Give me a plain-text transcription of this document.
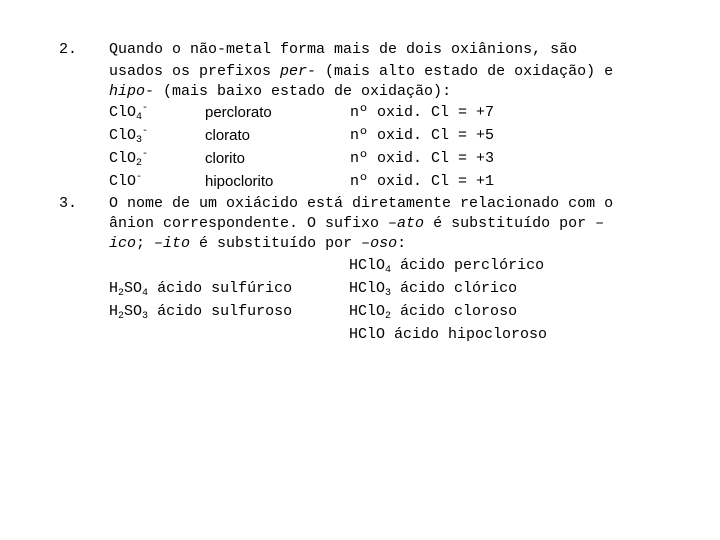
2. Quando o não-metal forma mais de dois oxiânions, são
usados os prefixos per- (mais alto estado de oxidação) e
hipo- (mais baixo estado de oxidação):
ClO$_4$-	perclorato	nº oxid. Cl = +7
ClO$_3$-	clorato	nº oxid. Cl = +5
ClO$_2$-	clorito	nº oxid. Cl = +3
ClO-	hipoclorito	nº oxid. Cl = +1
3. O nome de um oxiácido está diretamente relacionado com o
ânion correspondente. O sufixo –ato é substituído por –
ico; –ito é substituído por –oso:
HClO$_4$ ácido perclórico
$H_2SO_4$ ácido sulfúrico	HClO$_3$ ácido clórico
$H_2SO_3$ ácido sulfuroso	HClO$_2$ ácido cloroso
HClO ácido hipocloroso
